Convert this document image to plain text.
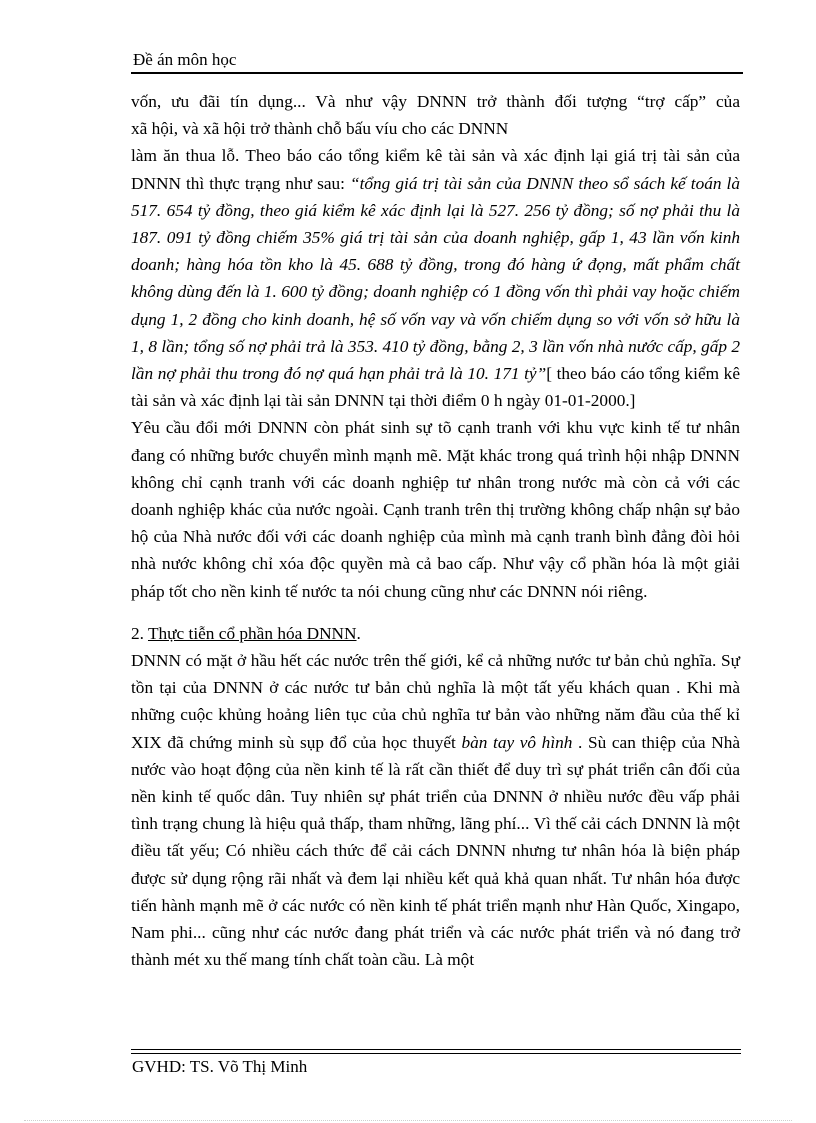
Đề án môn học

vốn, ưu đãi tín dụng... Và như vậy DNNN trở thành đối tượng “trợ cấp” của

xã hội, và xã hội trở thành chỗ bấu víu cho các DNNN

làm ăn thua lỗ. Theo báo cáo tổng kiểm kê tài sản và xác định lại giá trị tài sản của DNNN thì thực trạng như sau: “tổng giá trị tài sản của DNNN theo sổ sách kế toán là 517. 654 tỷ đồng, theo giá kiểm kê xác định lại là 527. 256 tỷ đồng; số nợ phải thu là 187. 091 tỷ đồng chiếm 35% giá trị tài sản của doanh nghiệp, gấp 1, 43 lần vốn kinh doanh; hàng hóa tồn kho là 45. 688 tỷ đồng, trong đó hàng ứ đọng, mất phẩm chất không dùng đến là 1. 600 tỷ đồng; doanh nghiệp có 1 đồng vốn thì phải vay hoặc chiếm dụng 1, 2 đồng cho kinh doanh, hệ số vốn vay và vốn chiếm dụng so với vốn sở hữu là 1, 8 lần; tổng số nợ phải trả là 353. 410 tỷ đồng, bằng 2, 3 lần vốn nhà nước cấp, gấp 2 lần nợ phải thu trong đó nợ quá hạn phải trả là 10. 171 tỷ”[ theo báo cáo tổng kiểm kê tài sản và xác định lại tài sản DNNN tại thời điểm 0 h ngày 01-01-2000.]

Yêu cầu đổi mới DNNN còn phát sinh sự tõ cạnh tranh với khu vực kinh tế tư nhân đang có những bước chuyển mình mạnh mẽ. Mặt khác trong quá trình hội nhập DNNN không chỉ cạnh tranh với các doanh nghiệp tư nhân trong nước mà còn cả với các doanh nghiệp khác của nước ngoài. Cạnh tranh trên thị trường không chấp nhận sự bảo hộ của Nhà nước đối với các doanh nghiệp của mình mà cạnh tranh bình đẳng đòi hỏi nhà nước không chỉ xóa độc quyền mà cả bao cấp. Như vậy cổ phần hóa là một giải pháp tốt cho nền kinh tế nước ta nói chung cũng như các DNNN nói riêng.

2. Thực tiễn cổ phần hóa DNNN.

DNNN có mặt ở hầu hết các nước trên thế giới, kể cả những nước tư bản chủ nghĩa. Sự tồn tại của DNNN ở các nước tư bản chủ nghĩa là một tất yếu khách quan . Khi mà những cuộc khủng hoảng liên tục của chủ nghĩa tư bản vào những năm đầu của thế kỉ XIX đã chứng minh sù sụp đổ của học thuyết bàn tay vô hình . Sù can thiệp của Nhà nước vào hoạt động của nền kinh tế là rất cần thiết để duy trì sự phát triển cân đối của nền kinh tế quốc dân. Tuy nhiên sự phát triển của DNNN ở nhiều nước đều vấp phải tình trạng chung là hiệu quả thấp, tham những, lãng phí... Vì thế cải cách DNNN là một điều tất yếu; Có nhiều cách thức để cải cách DNNN nhưng tư nhân hóa là biện pháp được sử dụng rộng rãi nhất và đem lại nhiều kết quả khả quan nhất. Tư nhân hóa được tiến hành mạnh mẽ ở các nước có nền kinh tế phát triển mạnh như Hàn Quốc, Xingapo, Nam phi... cũng như các nước đang phát triển và các nước phát triển và nó đang trở thành mét xu thế mang tính chất toàn cầu. Là một

GVHD: TS. Võ Thị Minh
